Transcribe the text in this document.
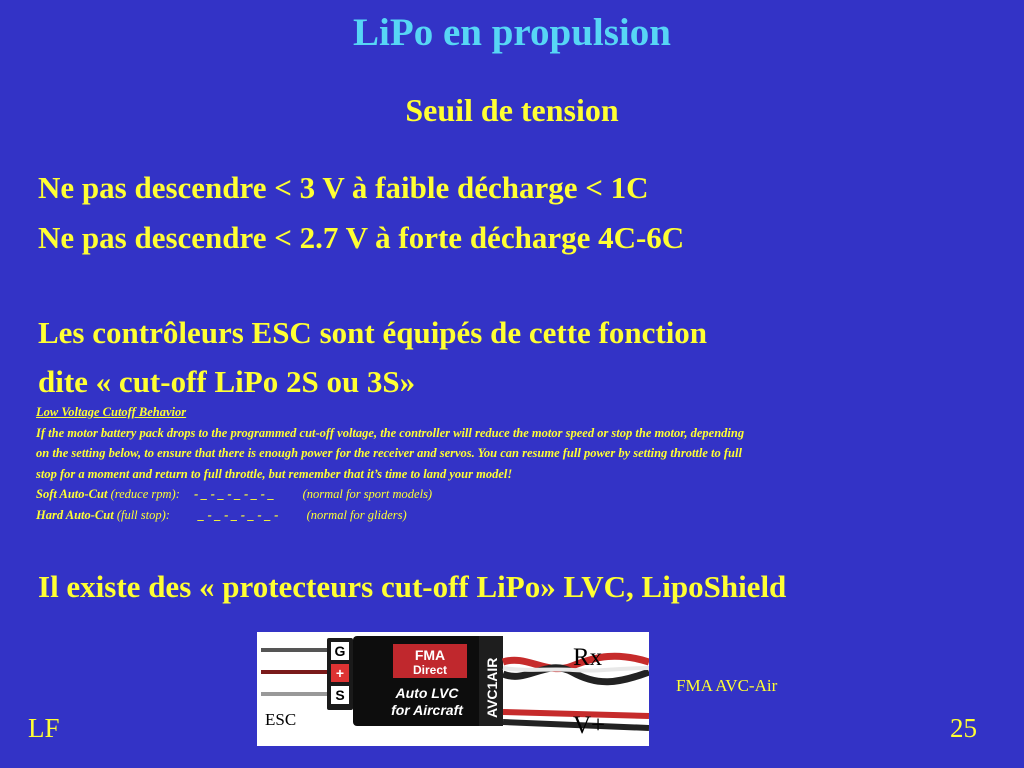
LiPo en propulsion
Seuil de tension
Ne pas descendre < 3 V à faible décharge < 1C
Ne pas descendre < 2.7 V à forte décharge 4C-6C
Les contrôleurs ESC sont équipés de cette fonction
dite « cut-off LiPo 2S ou 3S»
Low Voltage Cutoff Behavior
If the motor battery pack drops to the programmed cut-off voltage, the controller will reduce the motor speed or stop the motor, depending
on the setting below, to ensure that there is enough power for the receiver and servos. You can resume full power by setting throttle to full
stop for a moment and return to full throttle, but remember that it’s time to land your model!
Soft Auto-Cut (reduce rpm): - _ - _ - _ - _ - _ (normal for sport models)
Hard Auto-Cut (full stop): _ - _ - _ - _ - _ - (normal for gliders)
Il existe des « protecteurs cut-off LiPo» LVC, LipoShield
G
+
S
FMA
Direct
Auto LVC
for Aircraft AVC1AIR
Rx
V+
ESC
FMA AVC-Air
LF	25
